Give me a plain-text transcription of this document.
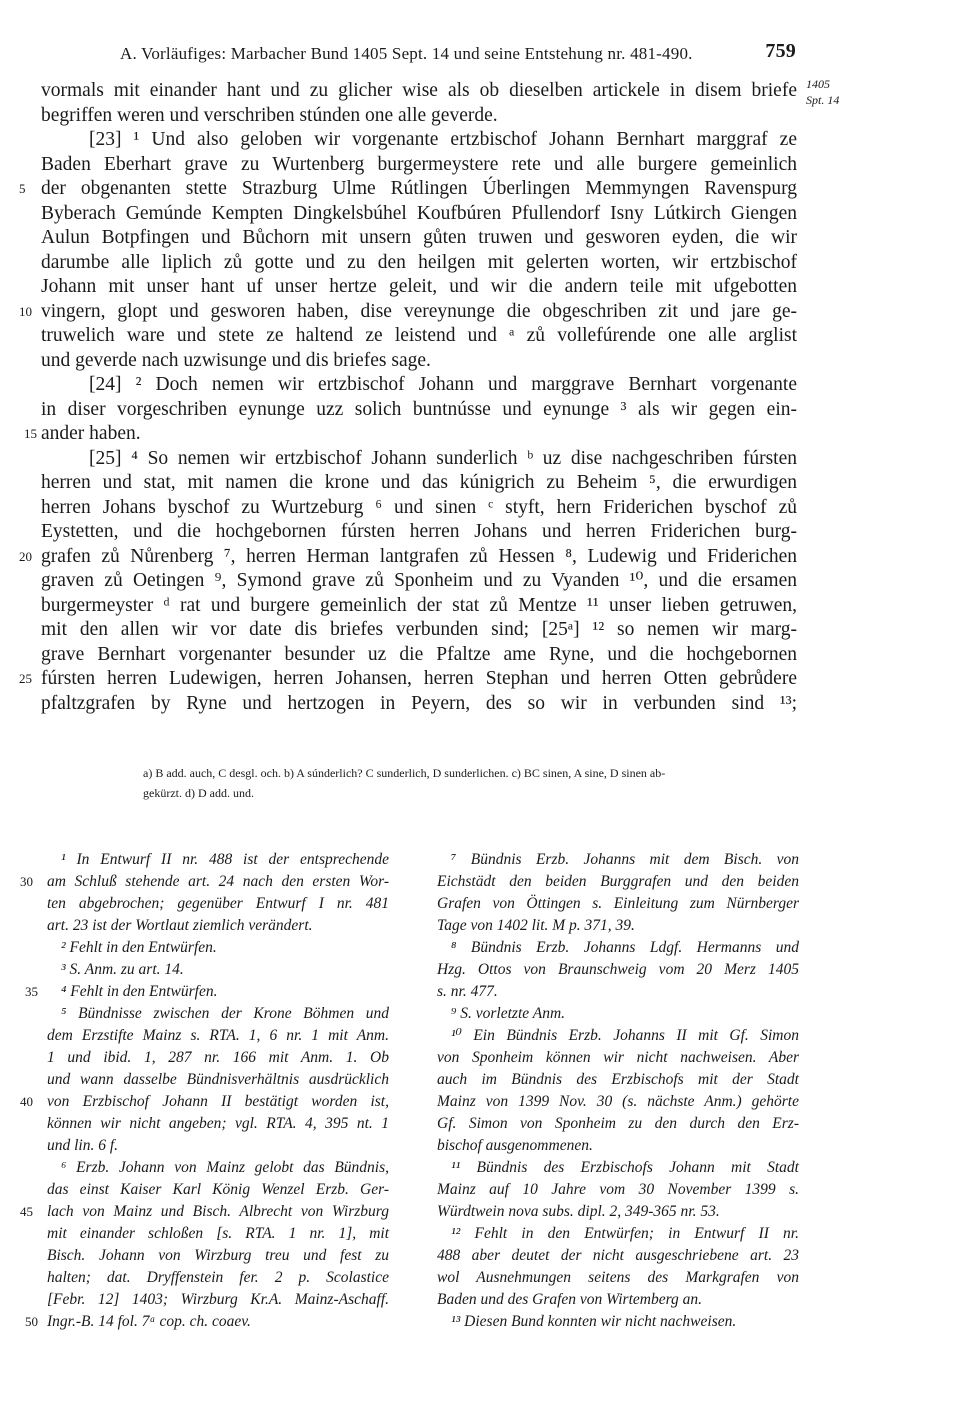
A. Vorläufiges: Marbacher Bund 1405 Sept. 14 und seine Entstehung nr. 481-490.	759
1405
Spt. 14
vormals mit einander hant und zu glicher wise als ob dieselben artickele in disem briefe
begriffen weren und verschriben stúnden one alle geverde.
[23] ¹ Und also geloben wir vorgenante ertzbischof Johann Bernhart marggraf ze
Baden Eberhart grave zu Wurtenberg burgermeystere rete und alle burgere gemeinlich
5 der obgenanten stette Strazburg Ulme Rútlingen Úberlingen Memmyngen Ravenspurg
Byberach Gemúnde Kempten Dingkelsbúhel Koufbúren Pfullendorf Isny Lútkirch Giengen
Aulun Botpfingen und Bůchorn mit unsern gůten truwen und gesworen eyden, die wir
darumbe alle liplich zů gotte und zu den heilgen mit gelerten worten, wir ertzbischof
Johann mit unser hant uf unser hertze geleit, und wir die andern teile mit ufgebotten
10 vingern, glopt und gesworen haben, dise vereynunge die obgeschriben zit und jare ge-
truwelich ware und stete ze haltend ze leistend und ᵃ zů vollefúrende one alle arglist
und geverde nach uzwisunge und dis briefes sage.
[24] ² Doch nemen wir ertzbischof Johann und marggrave Bernhart vorgenante
in diser vorgeschriben eynunge uzz solich buntnússe und eynunge ³ als wir gegen ein-
15 ander haben.
[25] ⁴ So nemen wir ertzbischof Johann sunderlich ᵇ uz dise nachgeschriben fúrsten
herren und stat, mit namen die krone und das kúnigrich zu Beheim ⁵, die erwurdigen
herren Johans byschof zu Wurtzeburg ⁶ und sinen ᶜ styft, hern Friderichen byschof zů
Eystetten, und die hochgebornen fúrsten herren Johans und herren Friderichen burg-
20 grafen zů Nůrenberg ⁷, herren Herman lantgrafen zů Hessen ⁸, Ludewig und Friderichen
graven zů Oetingen ⁹, Symond grave zů Sponheim und zu Vyanden ¹⁰, und die ersamen
burgermeyster ᵈ rat und burgere gemeinlich der stat zů Mentze ¹¹ unser lieben getruwen,
mit den allen wir vor date dis briefes verbunden sind; [25ᵃ] ¹² so nemen wir marg-
grave Bernhart vorgenanter besunder uz die Pfaltze ame Ryne, und die hochgebornen
25 fúrsten herren Ludewigen, herren Johansen, herren Stephan und herren Otten gebrůdere
pfaltzgrafen by Ryne und hertzogen in Peyern, des so wir in verbunden sind ¹³;
a) B add. auch, C desgl. och. b) A súnderlich? C sunderlich, D sunderlichen. c) BC sinen, A sine, D sinen ab-
gekürzt. d) D add. und.
¹ In Entwurf II nr. 488 ist der entsprechende
30 am Schluß stehende art. 24 nach den ersten Wor-
ten abgebrochen; gegenüber Entwurf I nr. 481
art. 23 ist der Wortlaut ziemlich verändert.
² Fehlt in den Entwürfen.
³ S. Anm. zu art. 14.
35 ⁴ Fehlt in den Entwürfen.
⁵ Bündnisse zwischen der Krone Böhmen und
dem Erzstifte Mainz s. RTA. 1, 6 nr. 1 mit Anm.
1 und ibid. 1, 287 nr. 166 mit Anm. 1. Ob
und wann dasselbe Bündnisverhältnis ausdrücklich
40 von Erzbischof Johann II bestätigt worden ist,
können wir nicht angeben; vgl. RTA. 4, 395 nt. 1
und lin. 6 f.
⁶ Erzb. Johann von Mainz gelobt das Bündnis,
das einst Kaiser Karl König Wenzel Erzb. Ger-
45 lach von Mainz und Bisch. Albrecht von Wirzburg
mit einander schloßen [s. RTA. 1 nr. 1], mit
Bisch. Johann von Wirzburg treu und fest zu
halten; dat. Dryffenstein fer. 2 p. Scolastice
[Febr. 12] 1403; Wirzburg Kr.A. Mainz-Aschaff.
50 Ingr.-B. 14 fol. 7ᵃ cop. ch. coaev.
⁷ Bündnis Erzb. Johanns mit dem Bisch. von
Eichstädt den beiden Burggrafen und den beiden
Grafen von Öttingen s. Einleitung zum Nürnberger
Tage von 1402 lit. M p. 371, 39.
⁸ Bündnis Erzb. Johanns Ldgf. Hermanns und
Hzg. Ottos von Braunschweig vom 20 Merz 1405
s. nr. 477.
⁹ S. vorletzte Anm.
¹⁰ Ein Bündnis Erzb. Johanns II mit Gf. Simon
von Sponheim können wir nicht nachweisen. Aber
auch im Bündnis des Erzbischofs mit der Stadt
Mainz von 1399 Nov. 30 (s. nächste Anm.) gehörte
Gf. Simon von Sponheim zu den durch den Erz-
bischof ausgenommenen.
¹¹ Bündnis des Erzbischofs Johann mit Stadt
Mainz auf 10 Jahre vom 30 November 1399 s.
Würdtwein nova subs. dipl. 2, 349-365 nr. 53.
¹² Fehlt in den Entwürfen; in Entwurf II nr.
488 aber deutet der nicht ausgeschriebene art. 23
wol Ausnehmungen seitens des Markgrafen von
Baden und des Grafen von Wirtemberg an.
¹³ Diesen Bund konnten wir nicht nachweisen.
